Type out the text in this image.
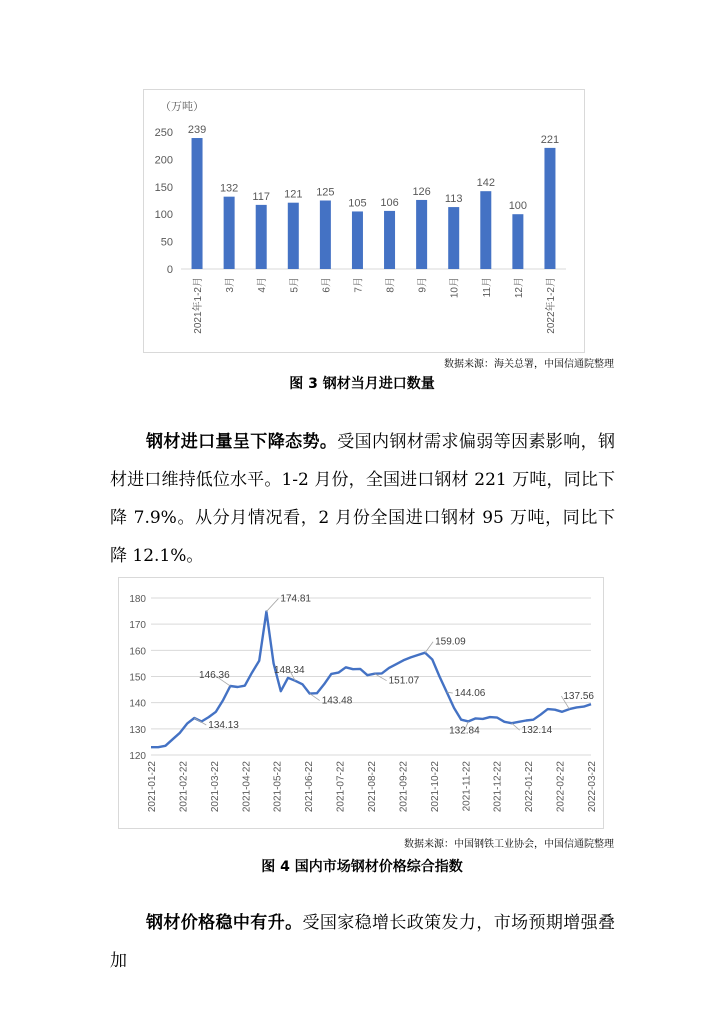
（万吨）
0
50
100
150
200
250 239
2021年1-2月
132
3月
117
4月
121
5月
125
6月
105
7月
106
8月
126
9月
113
10月
142
11月
100
12月
221
2022年1-2月
数据来源：海关总署，中国信通院整理
图 3 钢材当月进口数量
钢材进口量呈下降态势。受国内钢材需求偏弱等因素影响，钢材进口维持低位水平。1-2 月份，全国进口钢材 221 万吨，同比下降 7.9%。从分月情况看，2 月份全国进口钢材 95 万吨，同比下降 12.1%。
120
130
140
150
160
170
180
2021-01-22 2021-02-22 2021-03-22 2021-04-22 2021-05-22 2021-06-22 2021-07-22 2021-08-22 2021-09-22 2021-10-22 2021-11-22 2021-12-22 2022-01-22 2022-02-22 2022-03-22
134.13
146.36
174.81
148.34
143.48
151.07
159.09
144.06
132.84	132.14
137.56
数据来源：中国钢铁工业协会，中国信通院整理
图 4 国内市场钢材价格综合指数
钢材价格稳中有升。受国家稳增长政策发力，市场预期增强叠加
